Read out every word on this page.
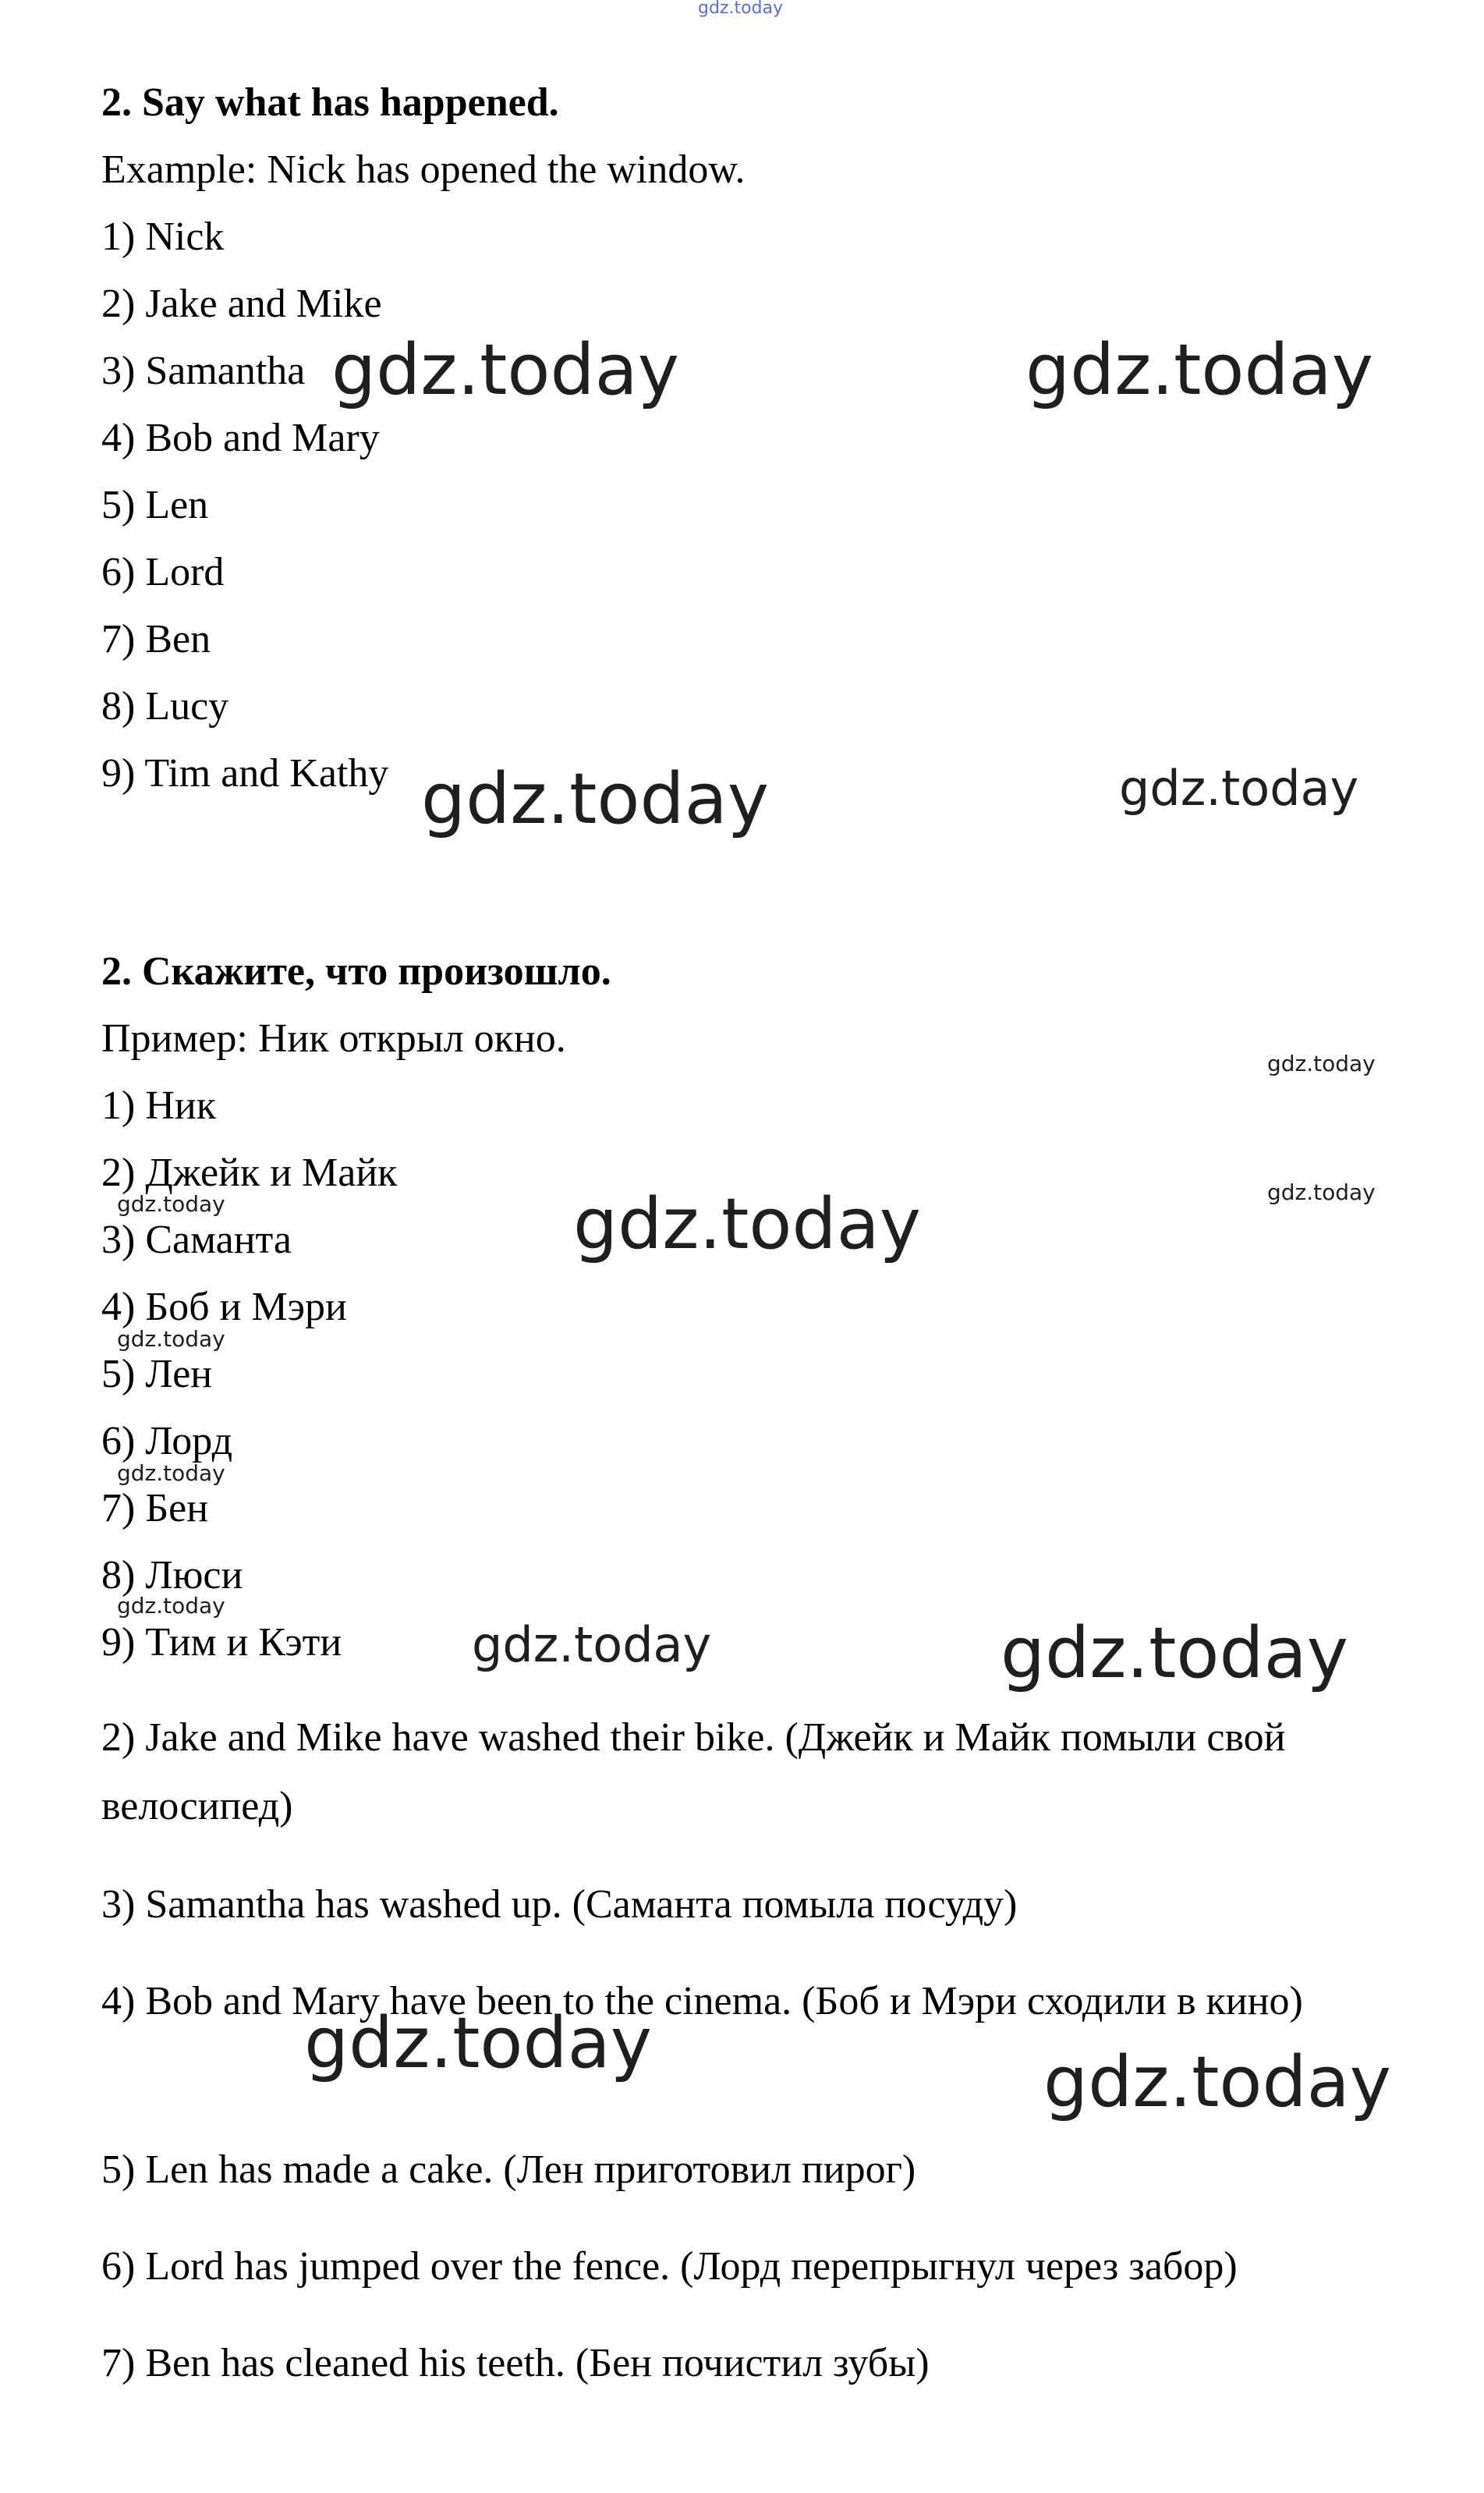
2. Say what has happened.
Example: Nick has opened the window.
1) Nick
2) Jake and Mike
3) Samantha
4) Bob and Mary
5) Len
6) Lord
7) Ben
8) Lucy
9) Tim and Kathy
2. Скажите, что произошло.
Пример: Ник открыл окно.
1) Ник
2) Джейк и Майк
3) Саманта
4) Боб и Мэри
5) Лен
6) Лорд
7) Бен
8) Люси
9) Тим и Кэти
2) Jake and Mike have washed their bike. (Джейк и Майк помыли свой велосипед)
3) Samantha has washed up. (Саманта помыла посуду)
4) Bob and Mary have been to the cinema. (Боб и Мэри сходили в кино)
5) Len has made a cake. (Лен приготовил пирог)
6) Lord has jumped over the fence. (Лорд перепрыгнул через забор)
7) Ben has cleaned his teeth. (Бен почистил зубы)
gdz.today
gdz.today	gdz.today
gdz.today	gdz.today
gdz.today
gdz.today
gdz.today	gdz.today
gdz.today
gdz.today
gdz.today
gdz.today	gdz.today
gdz.today	gdz.today
